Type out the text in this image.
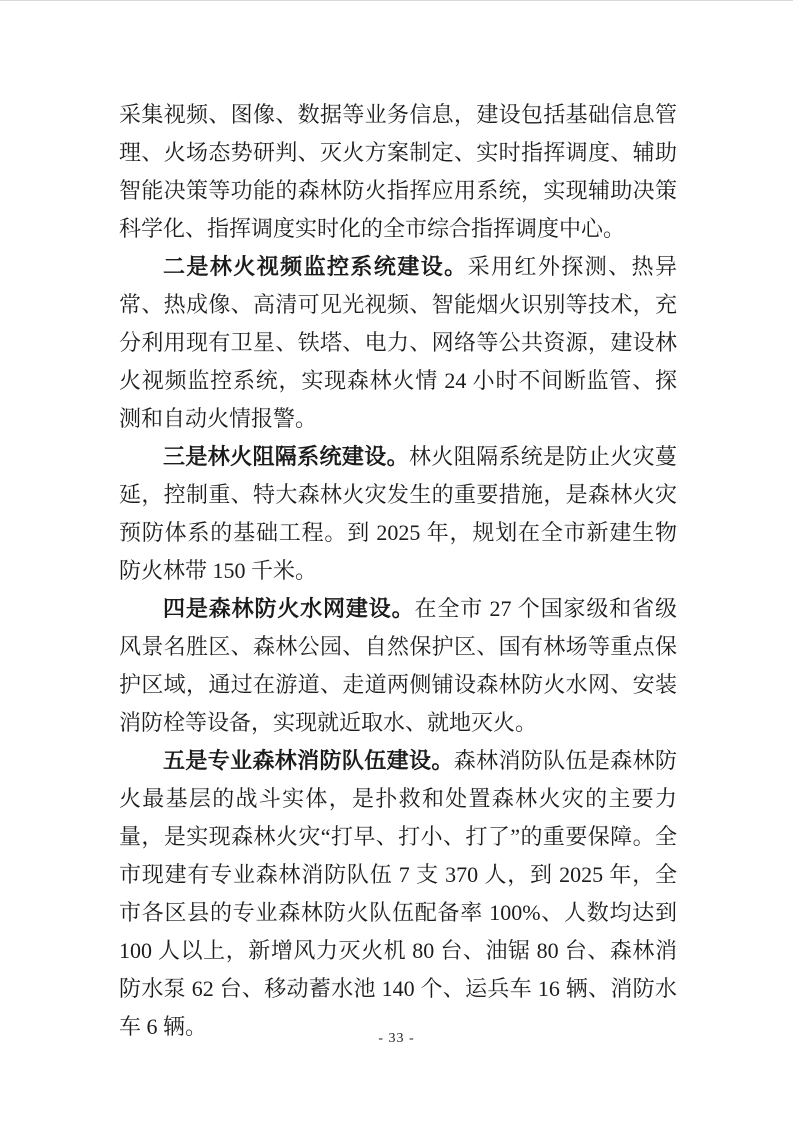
采集视频、图像、数据等业务信息，建设包括基础信息管理、火场态势研判、灭火方案制定、实时指挥调度、辅助智能决策等功能的森林防火指挥应用系统，实现辅助决策科学化、指挥调度实时化的全市综合指挥调度中心。

二是林火视频监控系统建设。采用红外探测、热异常、热成像、高清可见光视频、智能烟火识别等技术，充分利用现有卫星、铁塔、电力、网络等公共资源，建设林火视频监控系统，实现森林火情 24 小时不间断监管、探测和自动火情报警。

三是林火阻隔系统建设。林火阻隔系统是防止火灾蔓延，控制重、特大森林火灾发生的重要措施，是森林火灾预防体系的基础工程。到 2025 年，规划在全市新建生物防火林带 150 千米。

四是森林防火水网建设。在全市 27 个国家级和省级风景名胜区、森林公园、自然保护区、国有林场等重点保护区域，通过在游道、走道两侧铺设森林防火水网、安装消防栓等设备，实现就近取水、就地灭火。

五是专业森林消防队伍建设。森林消防队伍是森林防火最基层的战斗实体，是扑救和处置森林火灾的主要力量，是实现森林火灾“打早、打小、打了”的重要保障。全市现建有专业森林消防队伍 7 支 370 人，到 2025 年，全市各区县的专业森林防火队伍配备率 100%、人数均达到 100 人以上，新增风力灭火机 80 台、油锯 80 台、森林消防水泵 62 台、移动蓄水池 140 个、运兵车 16 辆、消防水车 6 辆。	- 33 -
